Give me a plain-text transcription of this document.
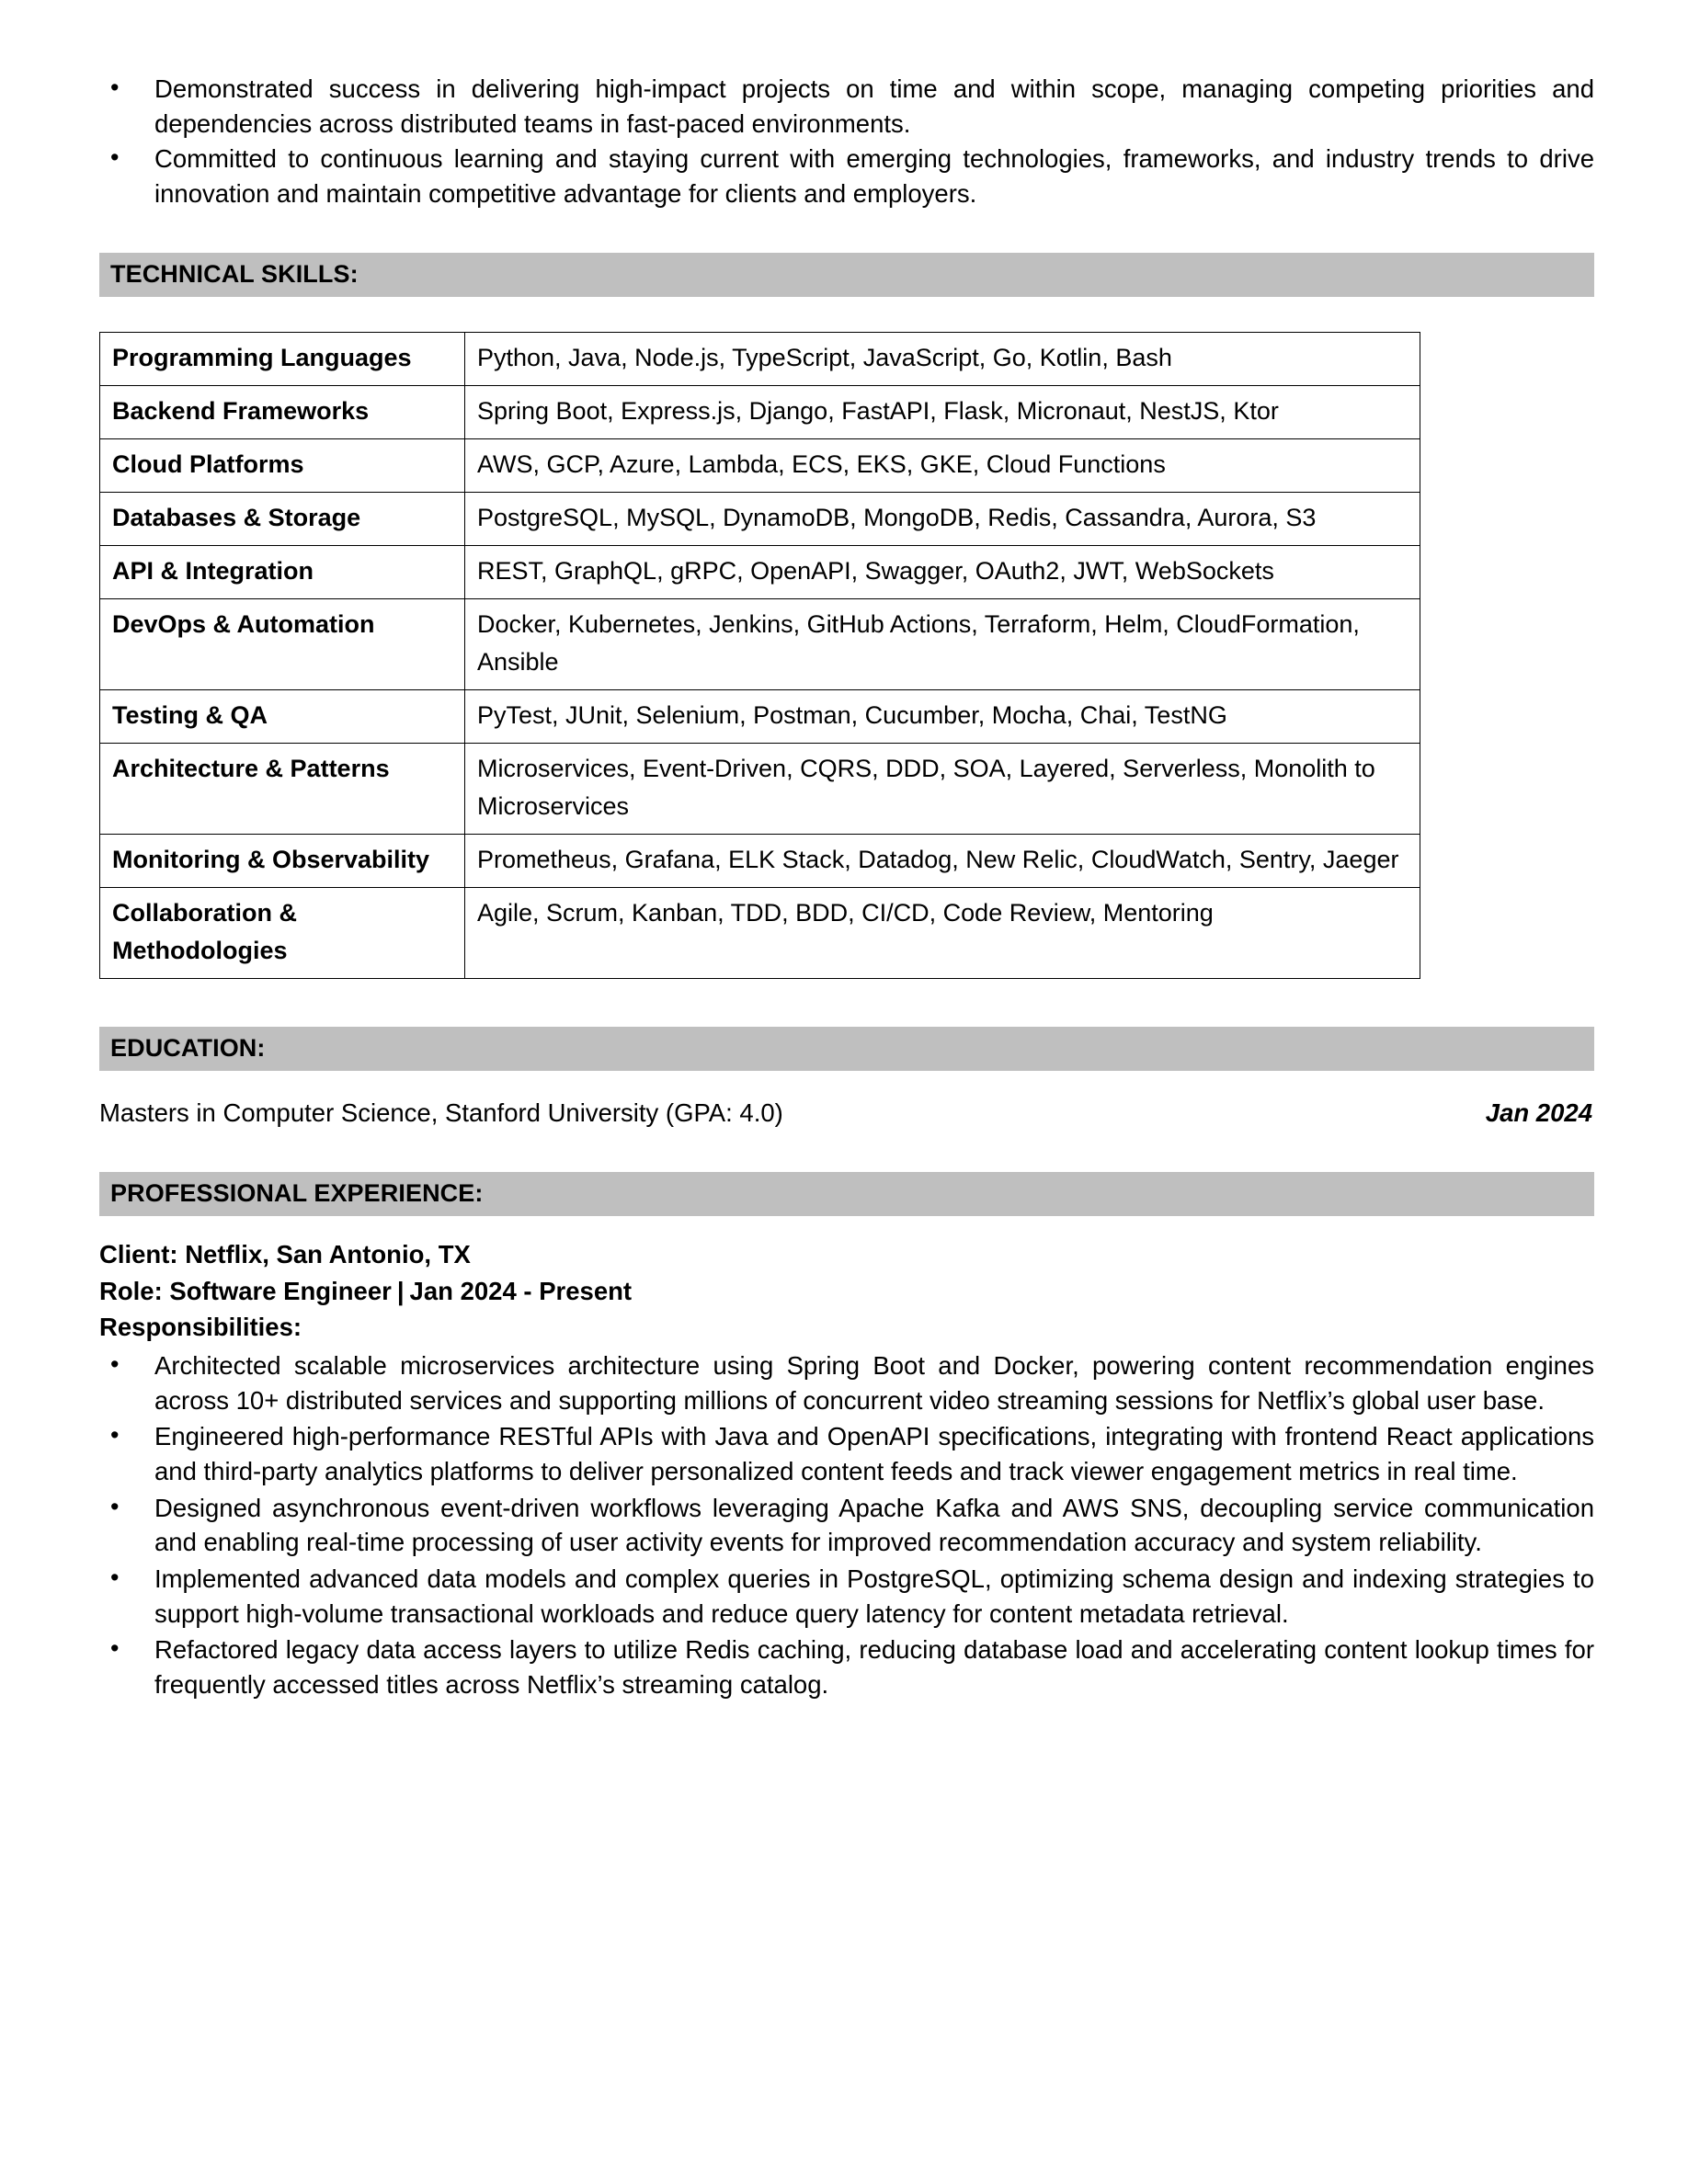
• Demonstrated success in delivering high-impact projects on time and within scope, managing competing priorities and dependencies across distributed teams in fast-paced environments.
• Committed to continuous learning and staying current with emerging technologies, frameworks, and industry trends to drive innovation and maintain competitive advantage for clients and employers.
TECHNICAL SKILLS:
Programming Languages	Python, Java, Node.js, TypeScript, JavaScript, Go, Kotlin, Bash
Backend Frameworks	Spring Boot, Express.js, Django, FastAPI, Flask, Micronaut, NestJS, Ktor
Cloud Platforms	AWS, GCP, Azure, Lambda, ECS, EKS, GKE, Cloud Functions
Databases & Storage	PostgreSQL, MySQL, DynamoDB, MongoDB, Redis, Cassandra, Aurora, S3
API & Integration	REST, GraphQL, gRPC, OpenAPI, Swagger, OAuth2, JWT, WebSockets
DevOps & Automation	Docker, Kubernetes, Jenkins, GitHub Actions, Terraform, Helm, CloudFormation, Ansible
Testing & QA	PyTest, JUnit, Selenium, Postman, Cucumber, Mocha, Chai, TestNG
Architecture & Patterns	Microservices, Event-Driven, CQRS, DDD, SOA, Layered, Serverless, Monolith to Microservices
Monitoring & Observability	Prometheus, Grafana, ELK Stack, Datadog, New Relic, CloudWatch, Sentry, Jaeger
Collaboration & Methodologies	Agile, Scrum, Kanban, TDD, BDD, CI/CD, Code Review, Mentoring
EDUCATION:
Masters in Computer Science, Stanford University (GPA: 4.0)	Jan 2024
PROFESSIONAL EXPERIENCE:
Client: Netflix, San Antonio, TX
Role: Software Engineer | Jan 2024 - Present
Responsibilities:
• Architected scalable microservices architecture using Spring Boot and Docker, powering content recommendation engines across 10+ distributed services and supporting millions of concurrent video streaming sessions for Netflix’s global user base.
• Engineered high-performance RESTful APIs with Java and OpenAPI specifications, integrating with frontend React applications and third-party analytics platforms to deliver personalized content feeds and track viewer engagement metrics in real time.
• Designed asynchronous event-driven workflows leveraging Apache Kafka and AWS SNS, decoupling service communication and enabling real-time processing of user activity events for improved recommendation accuracy and system reliability.
• Implemented advanced data models and complex queries in PostgreSQL, optimizing schema design and indexing strategies to support high-volume transactional workloads and reduce query latency for content metadata retrieval.
• Refactored legacy data access layers to utilize Redis caching, reducing database load and accelerating content lookup times for frequently accessed titles across Netflix’s streaming catalog.
